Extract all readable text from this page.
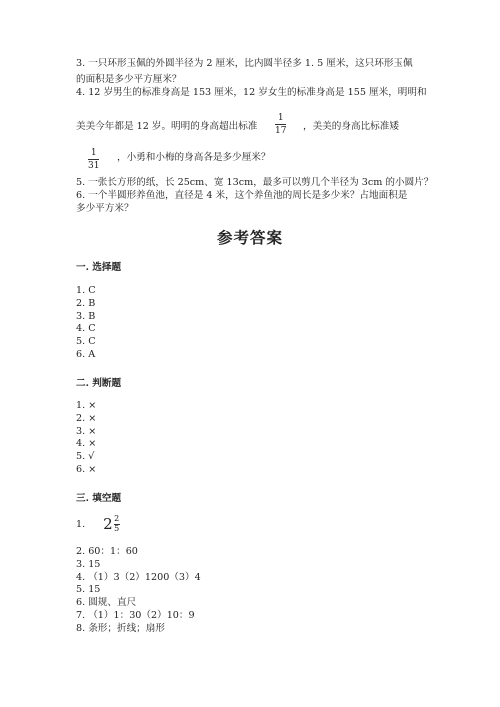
3. 一只环形玉佩的外圆半径为 2 厘米，比内圆半径多 1. 5 厘米，这只环形玉佩
的面积是多少平方厘米？
4. 12 岁男生的标准身高是 153 厘米，12 岁女生的标准身高是 155 厘米，明明和
美美今年都是 12 岁。明明的身高超出标准
1
17 ，美美的身高比标准矮
1
31
，小勇和小梅的身高各是多少厘米？
5. 一张长方形的纸，长 25cm、宽 13cm，最多可以剪几个半径为 3cm 的小圆片？
6. 一个半圆形养鱼池，直径是 4 米，这个养鱼池的周长是多少米？占地面积是
多少平方米？
参考答案
一. 选择题
1. C
2. B
3. B
4. C
5. C
6. A
二. 判断题
1. ×
2. ×
3. ×
4. ×
5. √
6. ×
三. 填空题
1. 2 2
5
2. 60：1：60
3. 15
4. （1）3（2）1200（3）4
5. 15
6. 圆规、直尺
7. （1）1：30（2）10：9
8. 条形；折线；扇形
